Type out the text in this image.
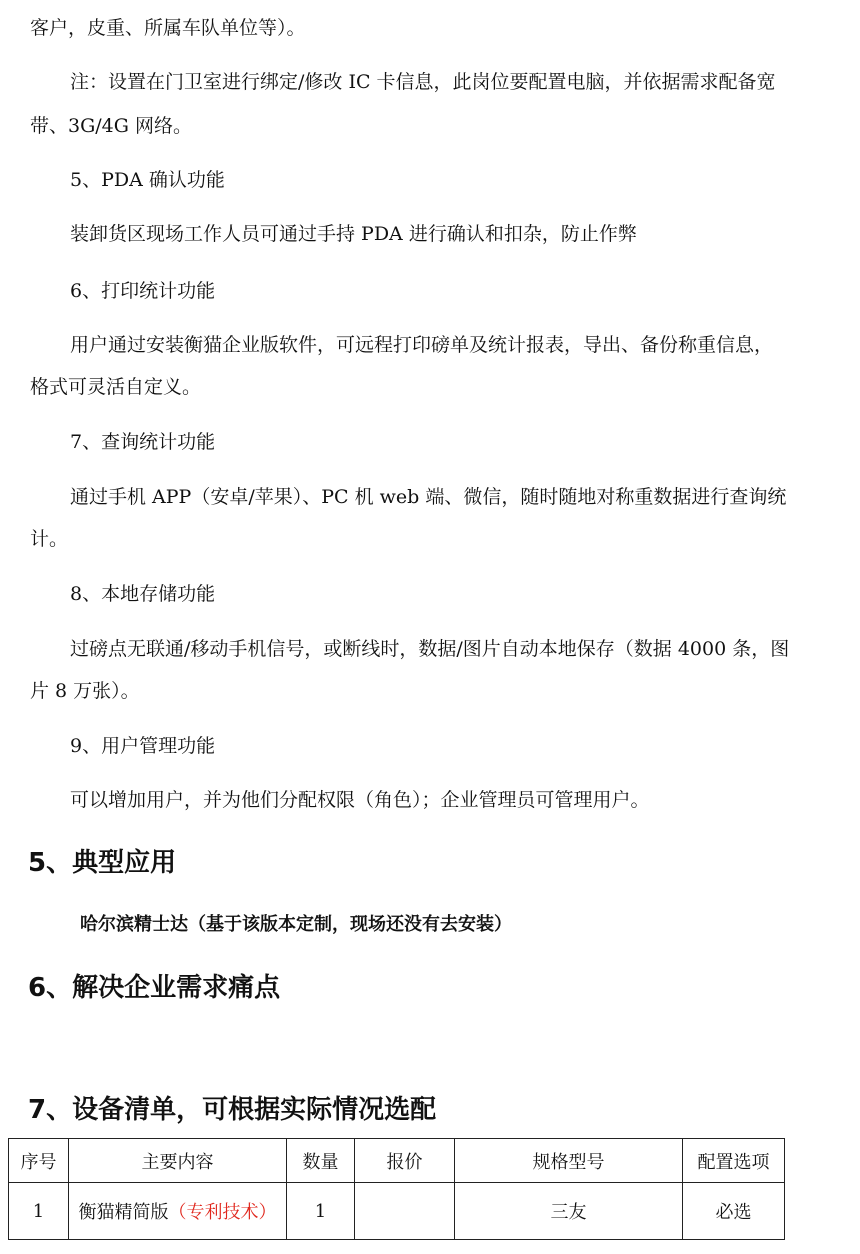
客户，皮重、所属车队单位等）。
注：设置在门卫室进行绑定/修改 IC 卡信息，此岗位要配置电脑，并依据需求配备宽
带、3G/4G 网络。
5、PDA 确认功能
装卸货区现场工作人员可通过手持 PDA 进行确认和扣杂，防止作弊
6、打印统计功能
用户通过安装衡猫企业版软件，可远程打印磅单及统计报表，导出、备份称重信息，
格式可灵活自定义。
7、查询统计功能
通过手机 APP（安卓/苹果）、PC 机 web 端、微信，随时随地对称重数据进行查询统
计。
8、本地存储功能
过磅点无联通/移动手机信号，或断线时，数据/图片自动本地保存（数据 4000 条，图
片 8 万张）。
9、用户管理功能
可以增加用户，并为他们分配权限（角色）；企业管理员可管理用户。
5、典型应用
哈尔滨精士达（基于该版本定制，现场还没有去安装）
6、解决企业需求痛点
7、设备清单，可根据实际情况选配
序号	主要内容	数量	报价	规格型号	配置选项
1	衡猫精简版（专利技术）	1		三友	必选
